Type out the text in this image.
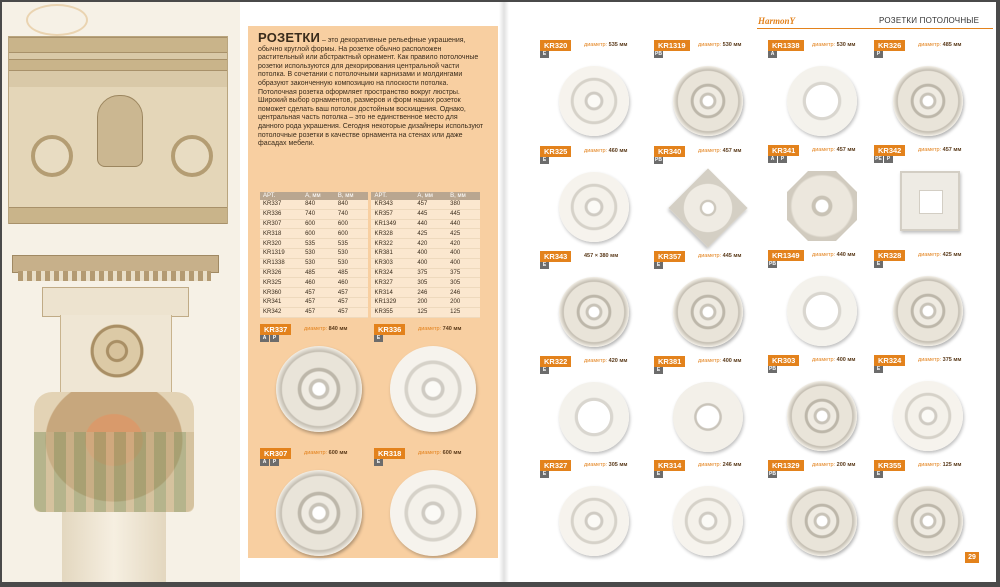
РОЗЕТКИ – это декоративные рельефные украшения, обычно круглой формы. На розетке обычно расположен растительный или абстрактный орнамент. Как правило потолочные розетки используются для декорирования центральной части потолка. В сочетании с потолочными карнизами и молдингами образуют законченную композицию на плоскости потолка. Потолочная розетка оформляет пространство вокруг люстры. Широкий выбор орнаментов, размеров и форм наших розеток поможет сделать ваш потолок достойным восхищения. Однако, центральная часть потолка – это не единственное место для данного рода украшения. Сегодня некоторые дизайнеры используют потолочные розетки в качестве орнамента на стенах или даже фасадах мебели.
АРТ.	A, мм	B, мм	АРТ.	A, мм	B, мм
KR337	840	840	KR343	457	380
KR336	740	740	KR357	445	445
KR307	600	600	KR1349	440	440
KR318	600	600	KR328	425	425
KR320	535	535	KR322	420	420
KR1319	530	530	KR381	400	400
KR1338	530	530	KR303	400	400
KR326	485	485	KR324	375	375
KR325	460	460	KR327	305	305
KR360	457	457	KR314	246	246
KR341	457	457	KR1329	200	200
KR342	457	457	KR355	125	125
HarmonY	РОЗЕТКИ ПОТОЛОЧНЫЕ
KR337	диаметр: 840 мм
А	Р
KR336	диаметр: 740 мм
Е
KR307	диаметр: 600 мм
А	Р
KR318	диаметр: 600 мм
Е
KR320	диаметр: 535 мм
Е
KR1319	диаметр: 530 мм
РВ
KR325	диаметр: 460 мм
Е
KR340	диаметр: 457 мм
РВ
KR343	457 × 380 мм
Е
KR357	диаметр: 445 мм
Е
KR322	диаметр: 420 мм
Е
KR381	диаметр: 400 мм
Е
KR327	диаметр: 305 мм
Е
KR314	диаметр: 246 мм
Е
KR1338	диаметр: 530 мм
А
KR326	диаметр: 485 мм
Р
KR341	диаметр: 457 мм
А	Р
KR342	диаметр: 457 мм
РЕ	Р
KR1349	диаметр: 440 мм
РВ
KR328	диаметр: 425 мм
Е
KR303	диаметр: 400 мм
РВ
KR324	диаметр: 375 мм
Е
KR1329	диаметр: 200 мм
РВ
KR355	диаметр: 125 мм
Е
29
